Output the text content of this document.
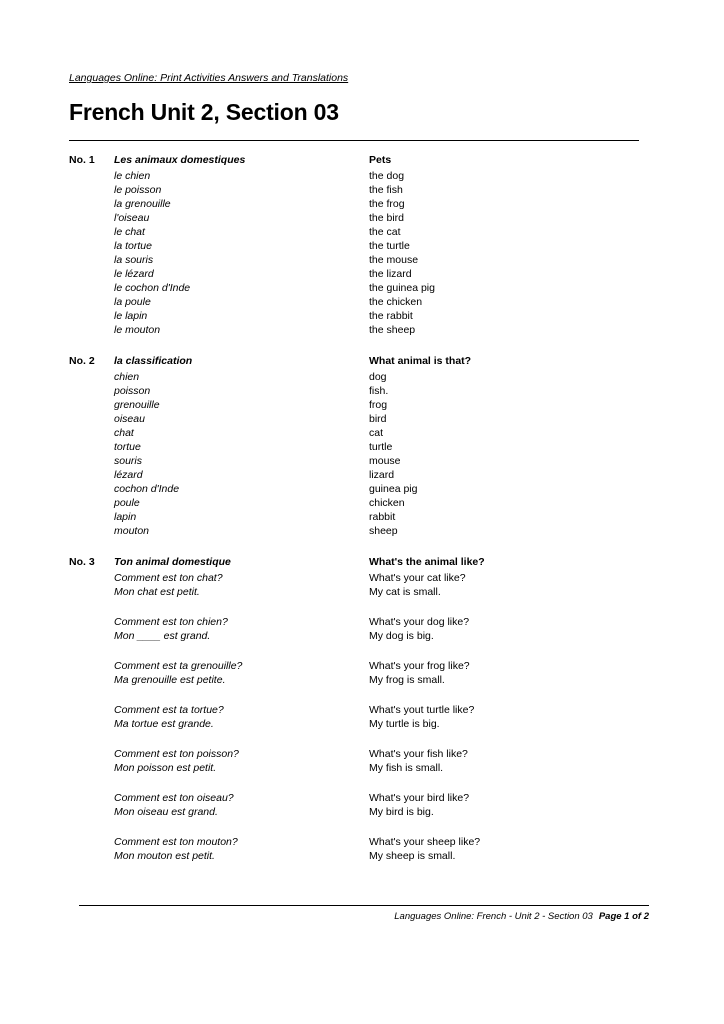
Languages Online: Print Activities Answers and Translations
French Unit 2, Section 03
No. 1 Les animaux domestiques	Pets
le chien	the dog
le poisson	the fish
la grenouille	the frog
l'oiseau	the bird
le chat	the cat
la tortue	the turtle
la souris	the mouse
le lézard	the lizard
le cochon d'Inde	the guinea pig
la poule	the chicken
le lapin	the rabbit
le mouton	the sheep
No. 2 la classification	What animal is that?
chien	dog
poisson	fish.
grenouille	frog
oiseau	bird
chat	cat
tortue	turtle
souris	mouse
lézard	lizard
cochon d'Inde	guinea pig
poule	chicken
lapin	rabbit
mouton	sheep
No. 3 Ton animal domestique	What's the animal like?
Comment est ton chat?	What's your cat like?
Mon chat est petit.	My cat is small.
Comment est ton chien?	What's your dog like?
Mon ____ est grand.	My dog is big.
Comment est ta grenouille?	What's your frog like?
Ma grenouille est petite.	My frog is small.
Comment est ta tortue?	What's yout turtle like?
Ma tortue est grande.	My turtle is big.
Comment est ton poisson?	What's your fish like?
Mon poisson est petit.	My fish is small.
Comment est ton oiseau?	What's your bird like?
Mon oiseau est grand.	My bird is big.
Comment est ton mouton?	What's your sheep like?
Mon mouton est petit.	My sheep is small.
Languages Online: French - Unit 2 - Section 03 Page 1 of 2
